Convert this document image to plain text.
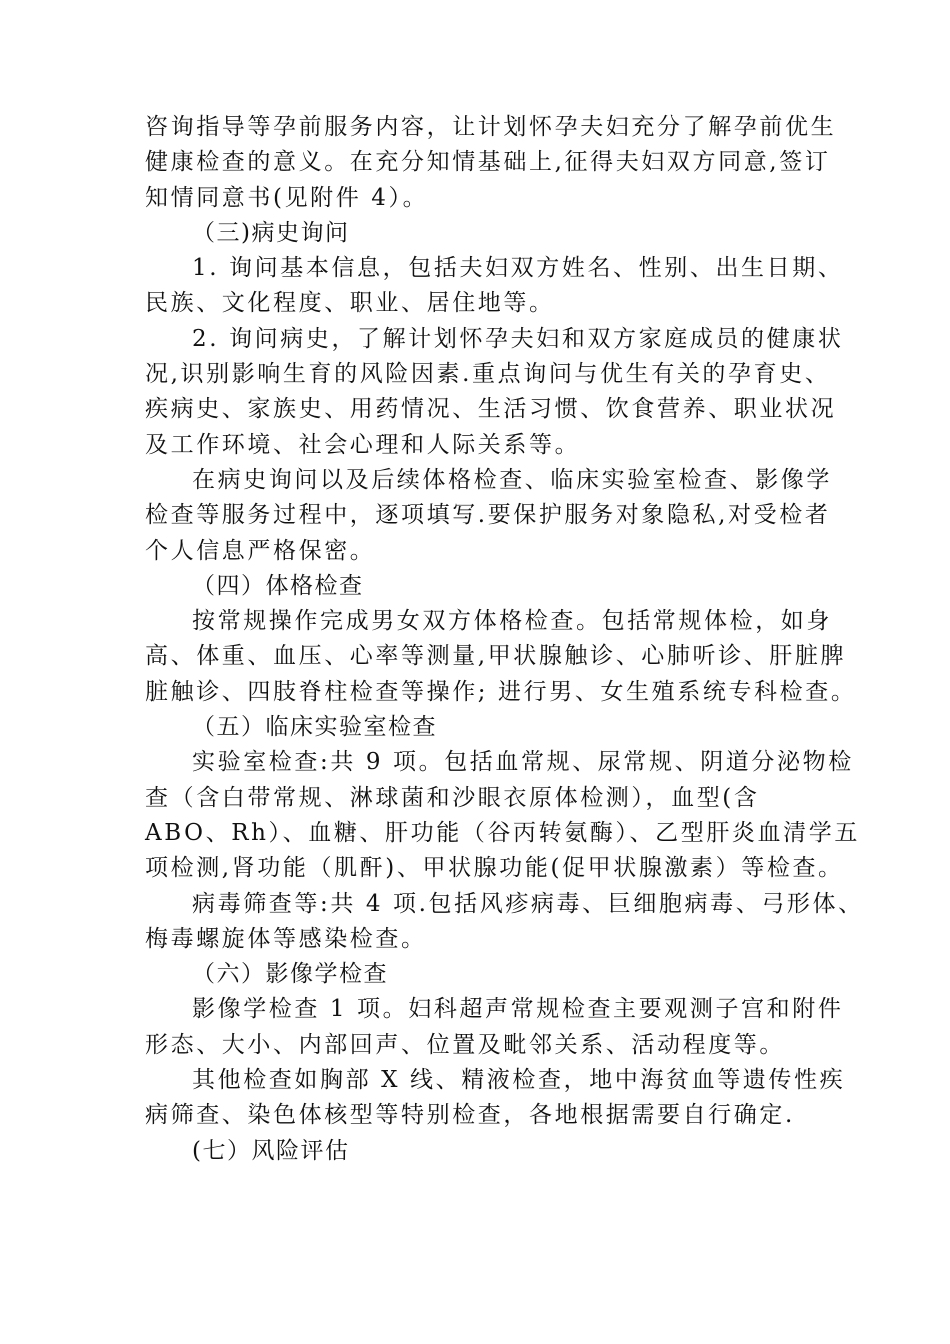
咨询指导等孕前服务内容，让计划怀孕夫妇充分了解孕前优生
健康检查的意义。在充分知情基础上,征得夫妇双方同意,签订
知情同意书(见附件 4）。
（三)病史询问
1. 询问基本信息，包括夫妇双方姓名、性别、出生日期、
民族、文化程度、职业、居住地等。
2. 询问病史，了解计划怀孕夫妇和双方家庭成员的健康状
况,识别影响生育的风险因素.重点询问与优生有关的孕育史、
疾病史、家族史、用药情况、生活习惯、饮食营养、职业状况
及工作环境、社会心理和人际关系等。
在病史询问以及后续体格检查、临床实验室检查、影像学
检查等服务过程中，逐项填写.要保护服务对象隐私,对受检者
个人信息严格保密。
（四）体格检查
按常规操作完成男女双方体格检查。包括常规体检，如身
高、体重、血压、心率等测量,甲状腺触诊、心肺听诊、肝脏脾
脏触诊、四肢脊柱检查等操作; 进行男、女生殖系统专科检查。
（五）临床实验室检查
实验室检查:共 9 项。包括血常规、尿常规、阴道分泌物检
查（含白带常规、淋球菌和沙眼衣原体检测），血型(含
ABO、Rh）、血糖、肝功能（谷丙转氨酶）、乙型肝炎血清学五
项检测,肾功能（肌酐)、甲状腺功能(促甲状腺激素）等检查。
病毒筛查等:共 4 项.包括风疹病毒、巨细胞病毒、弓形体、
梅毒螺旋体等感染检查。
（六）影像学检查
影像学检查 1 项。妇科超声常规检查主要观测子宫和附件
形态、大小、内部回声、位置及毗邻关系、活动程度等。
其他检查如胸部 X 线、精液检查，地中海贫血等遗传性疾
病筛查、染色体核型等特别检查，各地根据需要自行确定.
(七）风险评估
